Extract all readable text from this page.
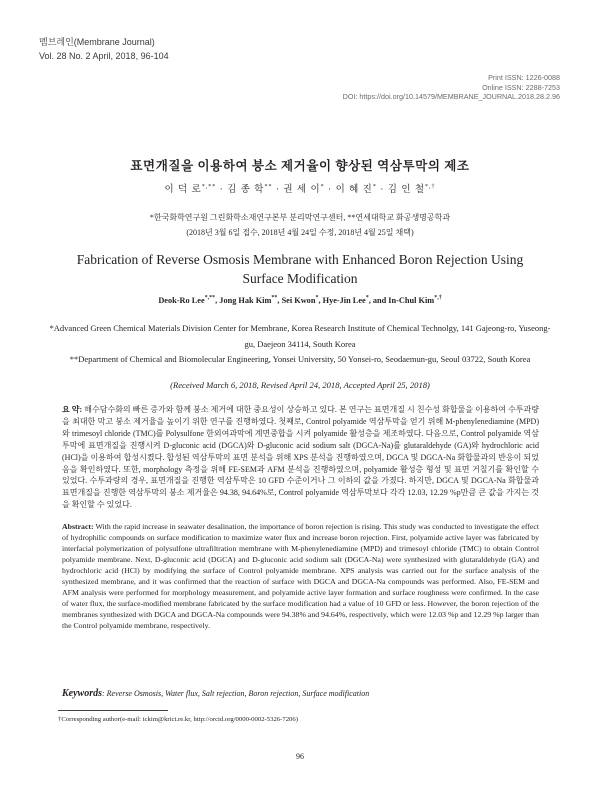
멤브레인(Membrane Journal)
Vol. 28 No. 2 April, 2018, 96-104
Print ISSN: 1226-0088
Online ISSN: 2288-7253
DOI: https://doi.org/10.14579/MEMBRANE_JOURNAL.2018.28.2.96
표면개질을 이용하여 붕소 제거율이 향상된 역삼투막의 제조
이 덕 로*,** · 김 종 학** · 권 세 이* · 이 혜 진* · 김 인 철*,†
*한국화학연구원 그린화학소재연구본부 분리막연구센터, **연세대학교 화공생명공학과
(2018년 3월 6일 접수, 2018년 4월 24일 수정, 2018년 4월 25일 채택)
Fabrication of Reverse Osmosis Membrane with Enhanced Boron Rejection Using Surface Modification
Deok-Ro Lee*,**, Jong Hak Kim**, Sei Kwon*, Hye-Jin Lee*, and In-Chul Kim*,†
*Advanced Green Chemical Materials Division Center for Membrane, Korea Research Institute of Chemical Technolgy, 141 Gajeong-ro, Yuseong-gu, Daejeon 34114, South Korea
**Department of Chemical and Biomolecular Engineering, Yonsei University, 50 Yonsei-ro, Seodaemun-gu, Seoul 03722, South Korea
(Received March 6, 2018, Revised April 24, 2018, Accepted April 25, 2018)
요 약: 해수담수화의 빠른 증가와 함께 붕소 제거에 대한 중요성이 상승하고 있다. 본 연구는 표면개질 시 친수성 화합물을 이용하여 수투과량을 최대한 막고 붕소 제거율을 높이기 위한 연구를 진행하였다. 첫째로, Control polyamide 역삼투막을 얻기 위해 M-phenylenediamine (MPD)와 trimesoyl chloride (TMC)를 Polysulfone 한외여과막에 계면중합을 시켜 polyamide 활성층을 제조하였다. 다음으로, Control polyamide 역삼투막에 표면개질을 진행시켜 D-gluconic acid (DGCA)와 D-gluconic acid sodium salt (DGCA-Na)를 glutaraldehyde (GA)와 hydrochloric acid (HCl)을 이용하여 합성시켰다. 합성된 역삼투막의 표면 분석을 위해 XPS 분석을 진행하였으며, DGCA 및 DGCA-Na 화합물과의 반응이 되었음을 확인하였다. 또한, morphology 측정을 위해 FE-SEM과 AFM 분석을 진행하였으며, polyamide 활성층 형성 및 표면 거칠기를 확인할 수 있었다. 수투과량의 경우, 표면개질을 진행한 역삼투막은 10 GFD 수준이거나 그 이하의 값을 가졌다. 하지만, DGCA 및 DGCA-Na 화합물과 표면개질을 진행한 역삼투막의 붕소 제거율은 94.38, 94.64%로, Control polyamide 역삼투막보다 각각 12.03, 12.29 %p만큼 큰 값을 가지는 것을 확인할 수 있었다.
Abstract: With the rapid increase in seawater desalination, the importance of boron rejection is rising. This study was conducted to investigate the effect of hydrophilic compounds on surface modification to maximize water flux and increase boron rejection. First, polyamide active layer was fabricated by interfacial polymerization of polysulfone ultrafiltration membrane with M-phenylenediamine (MPD) and trimesoyl chloride (TMC) to obtain Control polyamide membrane. Next, D-gluconic acid (DGCA) and D-gluconic acid sodium salt (DGCA-Na) were synthesized with glutaraldehyde (GA) and hydrochloric acid (HCl) by modifying the surface of Control polyamide membrane. XPS analysis was carried out for the surface analysis of the synthesized membrane, and it was confirmed that the reaction of surface with DGCA and DGCA-Na compounds was performed. Also, FE-SEM and AFM analysis were performed for morphology measurement, and polyamide active layer formation and surface roughness were confirmed. In the case of water flux, the surface-modified membrane fabricated by the surface modification had a value of 10 GFD or less. However, the boron rejection of the membranes synthesized with DGCA and DGCA-Na compounds were 94.38% and 94.64%, respectively, which were 12.03 %p and 12.29 %p larger than the Control polyamide membrane, respectively.
Keywords: Reverse Osmosis, Water flux, Salt rejection, Boron rejection, Surface modification
†Corresponding author(e-mail: ickim@krict.re.kr, http://orcid.org/0000-0002-5326-7206)
96
